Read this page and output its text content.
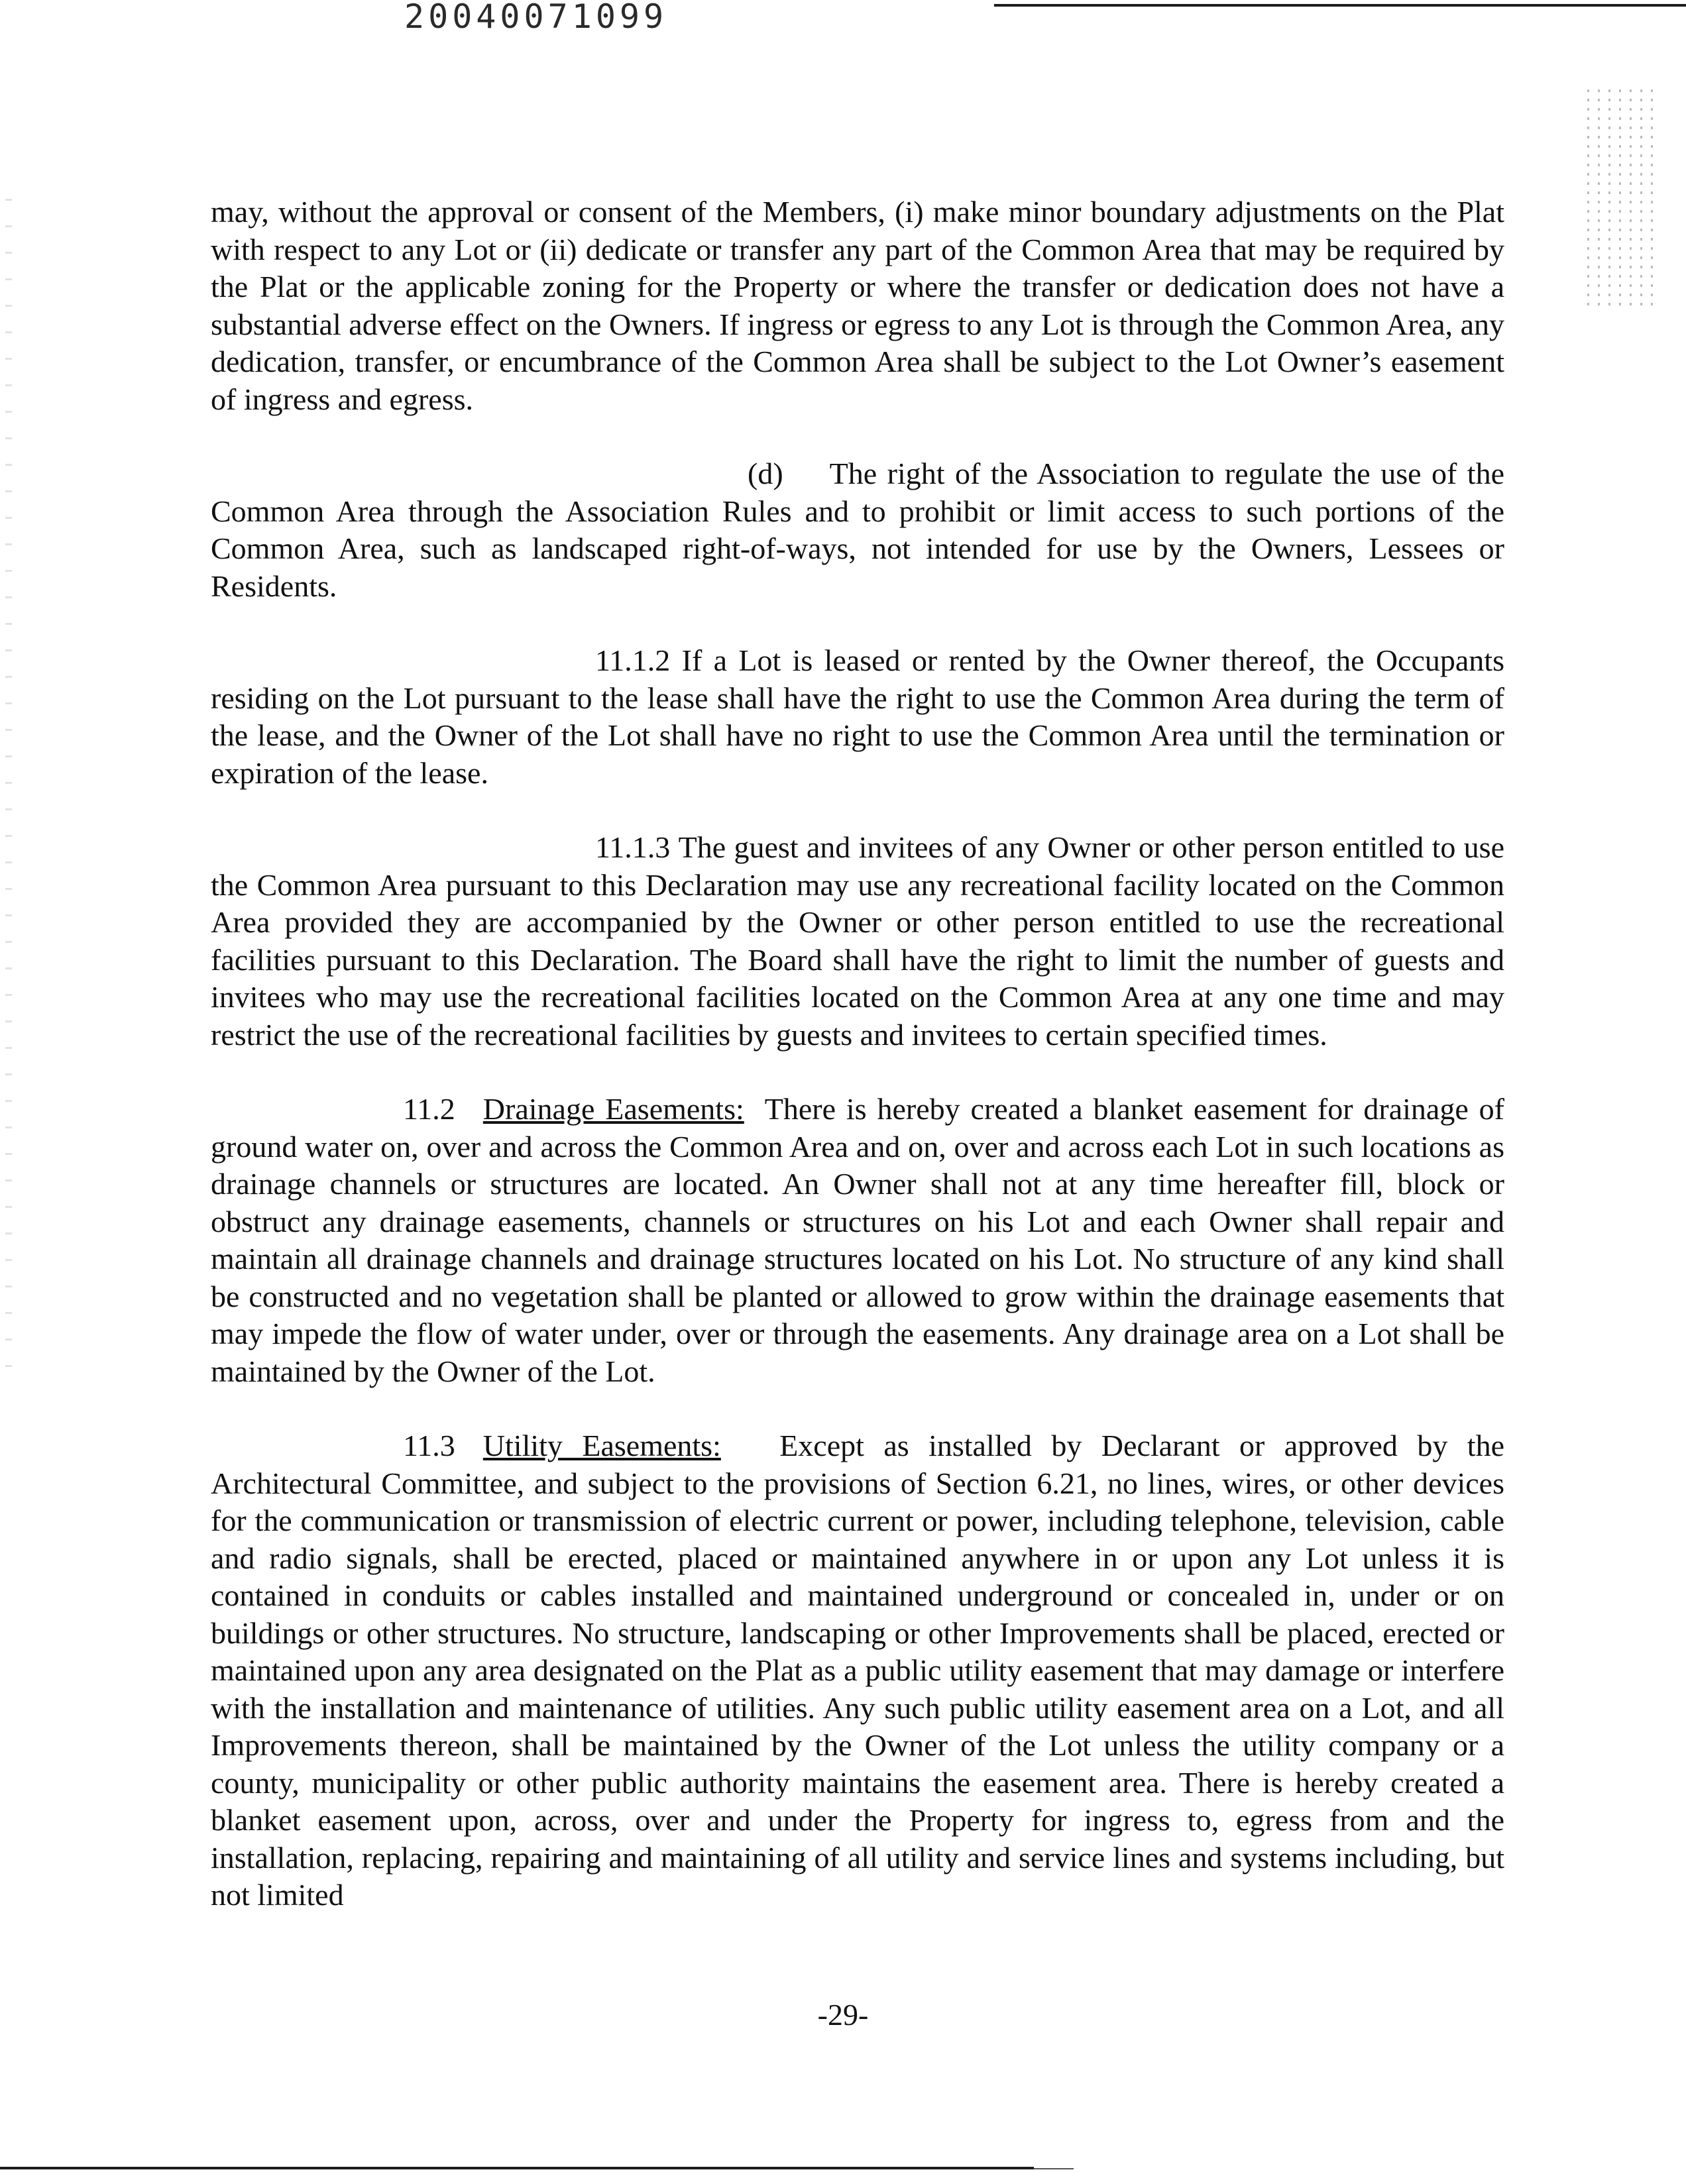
20040071099

may, without the approval or consent of the Members, (i) make minor boundary adjustments on the Plat with respect to any Lot or (ii) dedicate or transfer any part of the Common Area that may be required by the Plat or the applicable zoning for the Property or where the transfer or dedication does not have a substantial adverse effect on the Owners. If ingress or egress to any Lot is through the Common Area, any dedication, transfer, or encumbrance of the Common Area shall be subject to the Lot Owner’s easement of ingress and egress.

(d) The right of the Association to regulate the use of the Common Area through the Association Rules and to prohibit or limit access to such portions of the Common Area, such as landscaped right-of-ways, not intended for use by the Owners, Lessees or Residents.

11.1.2 If a Lot is leased or rented by the Owner thereof, the Occupants residing on the Lot pursuant to the lease shall have the right to use the Common Area during the term of the lease, and the Owner of the Lot shall have no right to use the Common Area until the termination or expiration of the lease.

11.1.3 The guest and invitees of any Owner or other person entitled to use the Common Area pursuant to this Declaration may use any recreational facility located on the Common Area provided they are accompanied by the Owner or other person entitled to use the recreational facilities pursuant to this Declaration. The Board shall have the right to limit the number of guests and invitees who may use the recreational facilities located on the Common Area at any one time and may restrict the use of the recreational facilities by guests and invitees to certain specified times.

11.2 Drainage Easements: There is hereby created a blanket easement for drainage of ground water on, over and across the Common Area and on, over and across each Lot in such locations as drainage channels or structures are located. An Owner shall not at any time hereafter fill, block or obstruct any drainage easements, channels or structures on his Lot and each Owner shall repair and maintain all drainage channels and drainage structures located on his Lot. No structure of any kind shall be constructed and no vegetation shall be planted or allowed to grow within the drainage easements that may impede the flow of water under, over or through the easements. Any drainage area on a Lot shall be maintained by the Owner of the Lot.

11.3 Utility Easements: Except as installed by Declarant or approved by the Architectural Committee, and subject to the provisions of Section 6.21, no lines, wires, or other devices for the communication or transmission of electric current or power, including telephone, television, cable and radio signals, shall be erected, placed or maintained anywhere in or upon any Lot unless it is contained in conduits or cables installed and maintained underground or concealed in, under or on buildings or other structures. No structure, landscaping or other Improvements shall be placed, erected or maintained upon any area designated on the Plat as a public utility easement that may damage or interfere with the installation and maintenance of utilities. Any such public utility easement area on a Lot, and all Improvements thereon, shall be maintained by the Owner of the Lot unless the utility company or a county, municipality or other public authority maintains the easement area. There is hereby created a blanket easement upon, across, over and under the Property for ingress to, egress from and the installation, replacing, repairing and maintaining of all utility and service lines and systems including, but not limited

-29-
